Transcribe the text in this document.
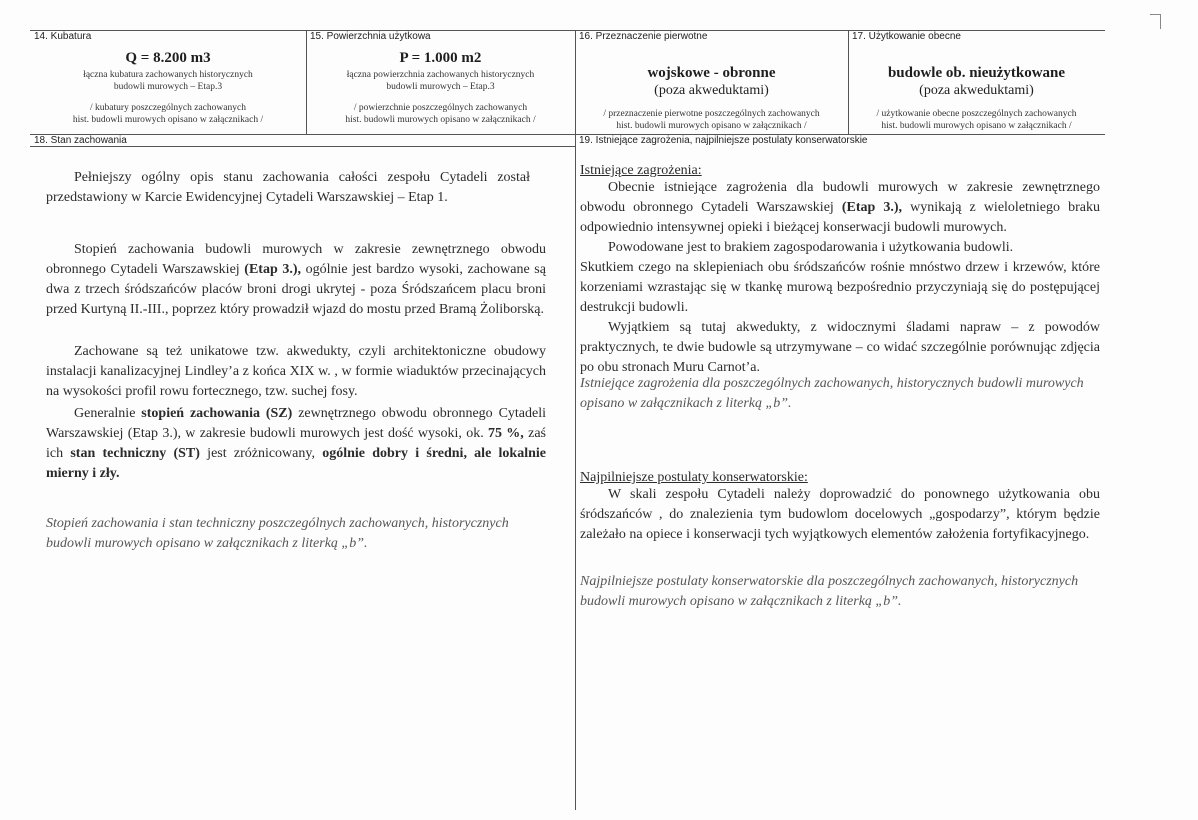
14. Kubatura
Q = 8.200 m3
łączna kubatura zachowanych historycznych
budowli murowych – Etap.3
/ kubatury poszczególnych zachowanych
hist. budowli murowych opisano w załącznikach /
15. Powierzchnia użytkowa
P = 1.000 m2
łączna powierzchnia zachowanych historycznych
budowli murowych – Etap.3
/ powierzchnie poszczególnych zachowanych
hist. budowli murowych opisano w załącznikach /
16. Przeznaczenie pierwotne
wojskowe - obronne
(poza akweduktami)
/ przeznaczenie pierwotne poszczególnych zachowanych
hist. budowli murowych opisano w załącznikach /
17. Użytkowanie obecne
budowle ob. nieużytkowane
(poza akweduktami)
/ użytkowanie obecne poszczególnych zachowanych
hist. budowli murowych opisano w załącznikach /
18. Stan zachowania

Pełniejszy ogólny opis stanu zachowania całości zespołu Cytadeli został przedstawiony w Karcie Ewidencyjnej Cytadeli Warszawskiej – Etap 1.

Stopień zachowania budowli murowych w zakresie zewnętrznego obwodu obronnego Cytadeli Warszawskiej (Etap 3.), ogólnie jest bardzo wysoki, zachowane są dwa z trzech śródszańców placów broni drogi ukrytej - poza Śródszańcem placu broni przed Kurtyną II.-III., poprzez który prowadził wjazd do mostu przed Bramą Żoliborską.

Zachowane są też unikatowe tzw. akwedukty, czyli architektoniczne obudowy instalacji kanalizacyjnej Lindley’a z końca XIX w. , w formie wiaduktów przecinających na wysokości profil rowu fortecznego, tzw. suchej fosy.

Generalnie stopień zachowania (SZ) zewnętrznego obwodu obronnego Cytadeli Warszawskiej (Etap 3.), w zakresie budowli murowych jest dość wysoki, ok. 75 %, zaś ich stan techniczny (ST) jest zróżnicowany, ogólnie dobry i średni, ale lokalnie mierny i zły.

Stopień zachowania i stan techniczny poszczególnych zachowanych, historycznych budowli murowych opisano w załącznikach z literką „b”.

19. Istniejące zagrożenia, najpilniejsze postulaty konserwatorskie
Istniejące zagrożenia:

Obecnie istniejące zagrożenia dla budowli murowych w zakresie zewnętrznego obwodu obronnego Cytadeli Warszawskiej (Etap 3.), wynikają z wieloletniego braku odpowiednio intensywnej opieki i bieżącej konserwacji budowli murowych.

Powodowane jest to brakiem zagospodarowania i użytkowania budowli.

Skutkiem czego na sklepieniach obu śródszańców rośnie mnóstwo drzew i krzewów, które korzeniami wzrastając się w tkankę murową bezpośrednio przyczyniają się do postępującej destrukcji budowli.

Wyjątkiem są tutaj akwedukty, z widocznymi śladami napraw – z powodów praktycznych, te dwie budowle są utrzymywane – co widać szczególnie porównując zdjęcia po obu stronach Muru Carnot’a.

Istniejące zagrożenia dla poszczególnych zachowanych, historycznych budowli murowych opisano w załącznikach z literką „b”.

Najpilniejsze postulaty konserwatorskie:

W skali zespołu Cytadeli należy doprowadzić do ponownego użytkowania obu śródszańców , do znalezienia tym budowlom docelowych „gospodarzy”, którym będzie zależało na opiece i konserwacji tych wyjątkowych elementów założenia fortyfikacyjnego.

Najpilniejsze postulaty konserwatorskie dla poszczególnych zachowanych, historycznych budowli murowych opisano w załącznikach z literką „b”.
